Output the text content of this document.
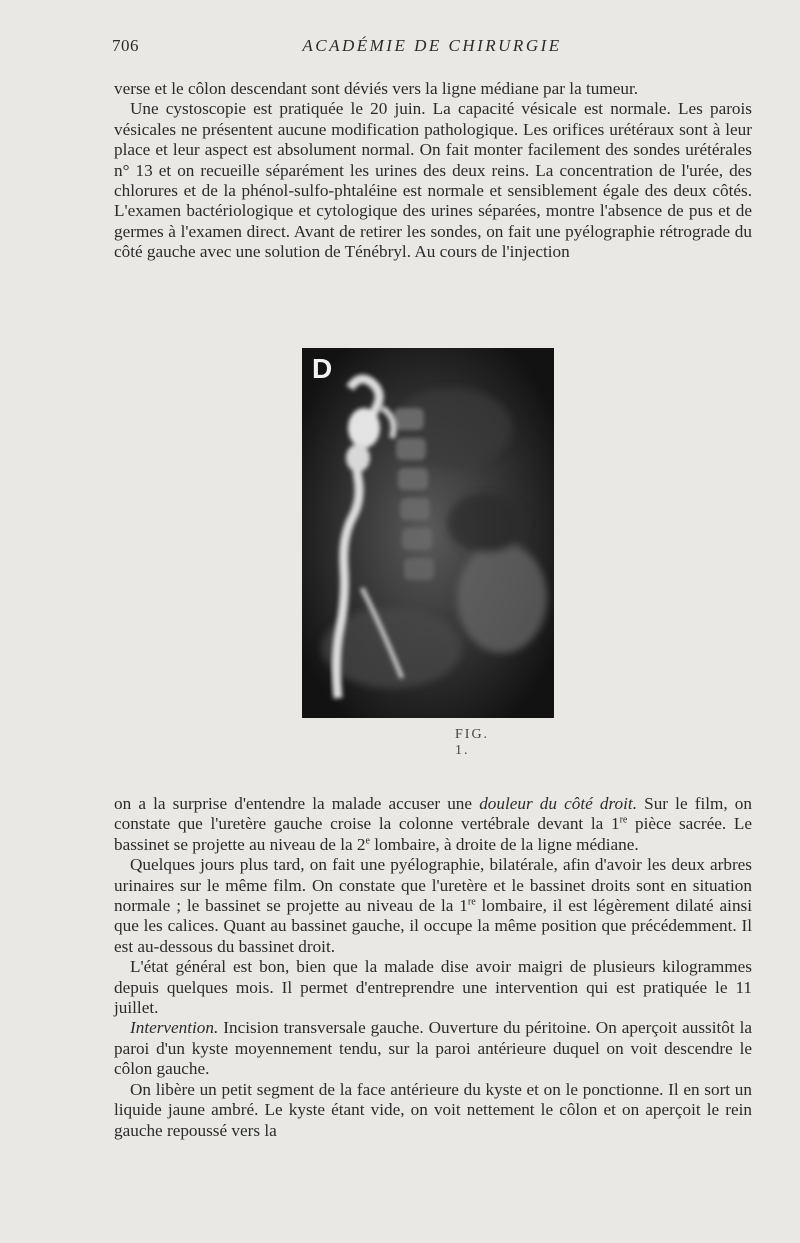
706	ACADÉMIE DE CHIRURGIE

verse et le côlon descendant sont déviés vers la ligne médiane par la tumeur.

Une cystoscopie est pratiquée le 20 juin. La capacité vésicale est normale. Les parois vésicales ne présentent aucune modification pathologique. Les orifices urétéraux sont à leur place et leur aspect est absolument normal. On fait monter facilement des sondes urétérales n° 13 et on recueille séparément les urines des deux reins. La concentration de l'urée, des chlorures et de la phénol-sulfo-phtaléine est normale et sensiblement égale des deux côtés. L'examen bactériologique et cytologique des urines séparées, montre l'absence de pus et de germes à l'examen direct. Avant de retirer les sondes, on fait une pyélographie rétrograde du côté gauche avec une solution de Ténébryl. Au cours de l'injection

D
FIG. 1.

on a la surprise d'entendre la malade accuser une douleur du côté droit. Sur le film, on constate que l'uretère gauche croise la colonne vertébrale devant la 1re pièce sacrée. Le bassinet se projette au niveau de la 2e lombaire, à droite de la ligne médiane.

Quelques jours plus tard, on fait une pyélographie, bilatérale, afin d'avoir les deux arbres urinaires sur le même film. On constate que l'uretère et le bassinet droits sont en situation normale ; le bassinet se projette au niveau de la 1re lombaire, il est légèrement dilaté ainsi que les calices. Quant au bassinet gauche, il occupe la même position que précédemment. Il est au-dessous du bassinet droit.

L'état général est bon, bien que la malade dise avoir maigri de plusieurs kilogrammes depuis quelques mois. Il permet d'entreprendre une intervention qui est pratiquée le 11 juillet.

Intervention. Incision transversale gauche. Ouverture du péritoine. On aperçoit aussitôt la paroi d'un kyste moyennement tendu, sur la paroi antérieure duquel on voit descendre le côlon gauche.

On libère un petit segment de la face antérieure du kyste et on le ponctionne. Il en sort un liquide jaune ambré. Le kyste étant vide, on voit nettement le côlon et on aperçoit le rein gauche repoussé vers la
